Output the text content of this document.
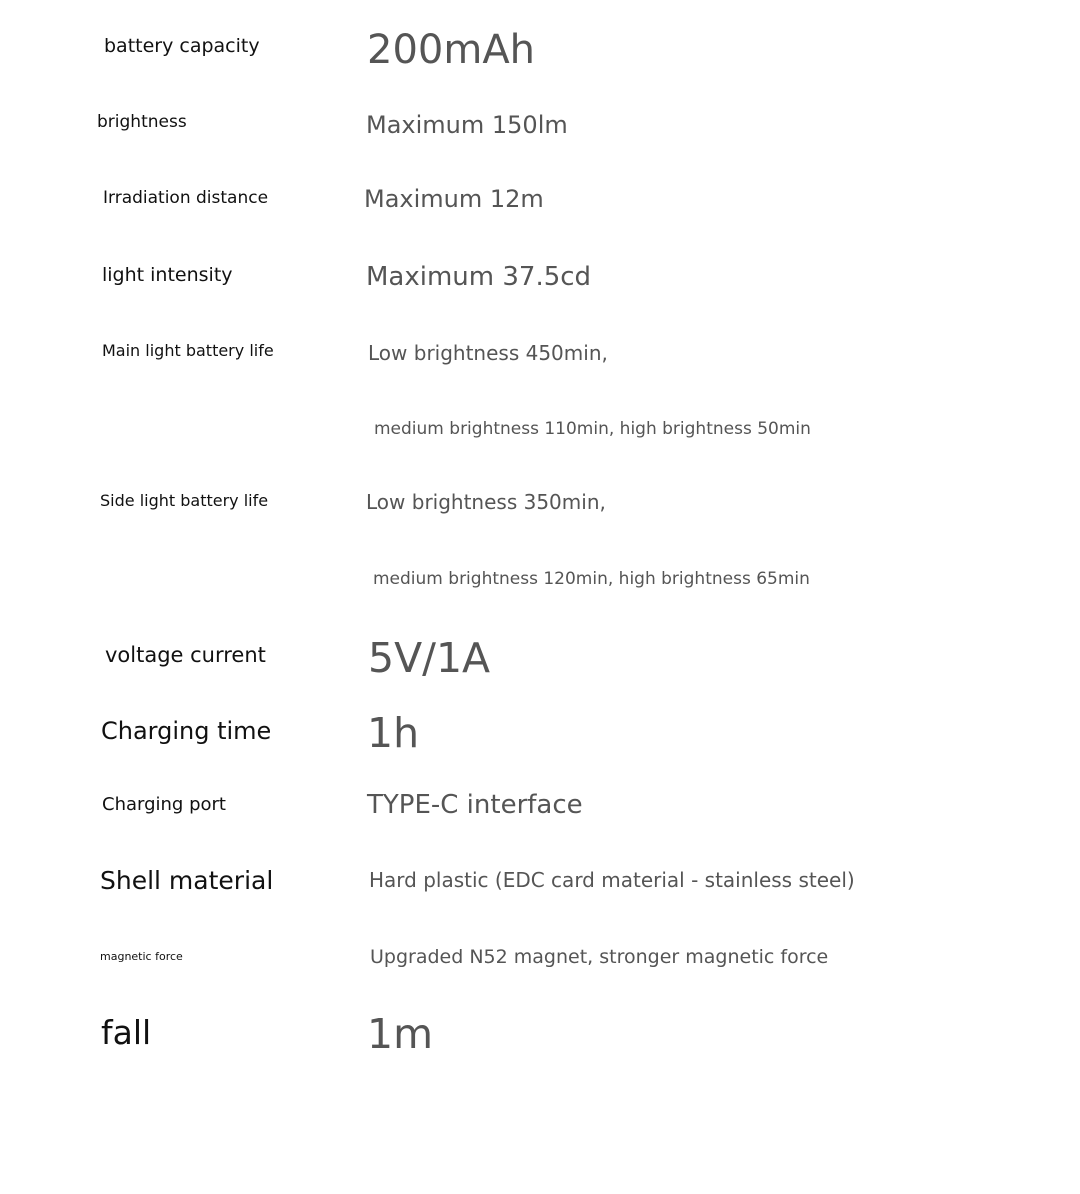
battery capacity	200mAh
brightness	Maximum 150lm
Irradiation distance	Maximum 12m
light intensity	Maximum 37.5cd
Main light battery life	Low brightness 450min,
medium brightness 110min, high brightness 50min
Side light battery life	Low brightness 350min,
medium brightness 120min, high brightness 65min
voltage current 5V/1A
Charging time 1h
Charging port	TYPE-C interface
Shell material	Hard plastic (EDC card material - stainless steel)
magnetic force	Upgraded N52 magnet, stronger magnetic force
fall	1m
